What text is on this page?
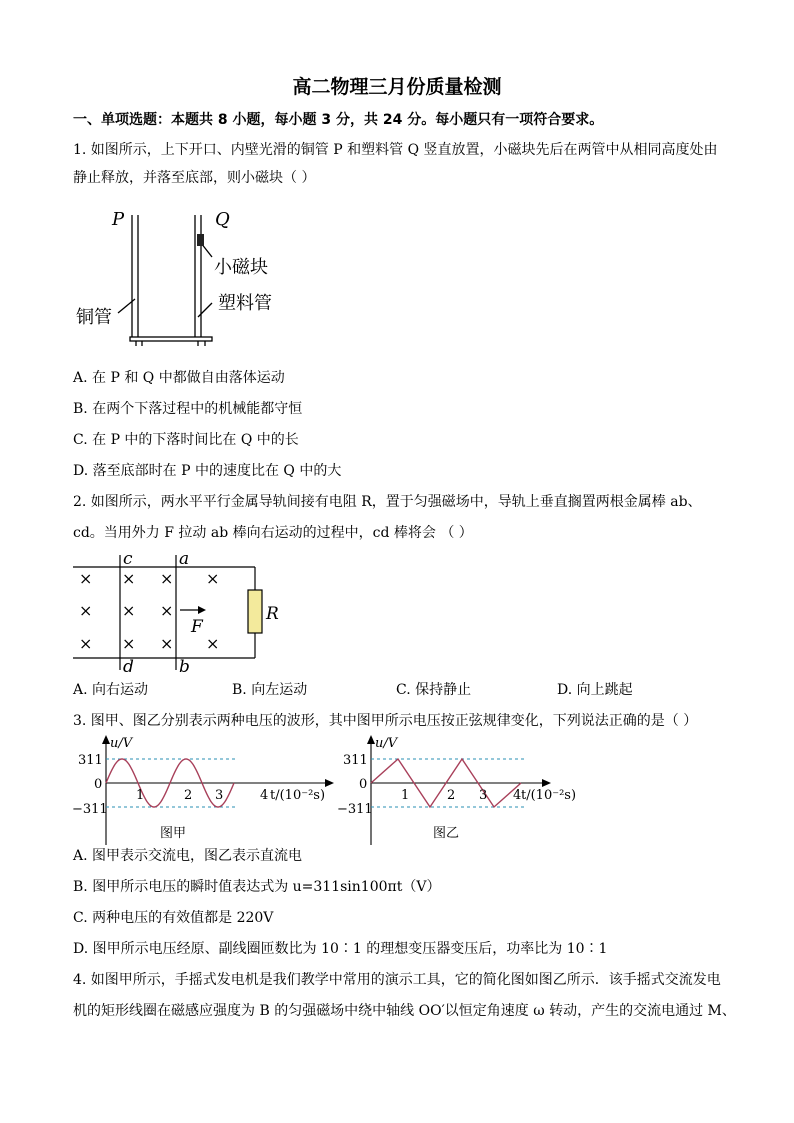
高二物理三月份质量检测
一、单项选题：本题共 8 小题，每小题 3 分，共 24 分。每小题只有一项符合要求。
1. 如图所示，上下开口、内壁光滑的铜管 P 和塑料管 Q 竖直放置，小磁块先后在两管中从相同高度处由
静止释放，并落至底部，则小磁块（ ）
P	Q
小磁块
铜管
塑料管
A. 在 P 和 Q 中都做自由落体运动
B. 在两个下落过程中的机械能都守恒
C. 在 P 中的下落时间比在 Q 中的长
D. 落至底部时在 P 中的速度比在 Q 中的大
2. 如图所示，两水平平行金属导轨间接有电阻 R，置于匀强磁场中，导轨上垂直搁置两根金属棒 ab、
cd。当用外力 F 拉动 ab 棒向右运动的过程中，cd 棒将会 （ ）
c	a
d	b
F
R
× × × ×
× × ×
× × × ×
A. 向右运动	B. 向左运动	C. 保持静止	D. 向上跳起
3. 图甲、图乙分别表示两种电压的波形，其中图甲所示电压按正弦规律变化，下列说法正确的是（ ）
u/V
311
0
−311
1	2 3	4 t/(10⁻²s)
图甲
u/V
311
0
−311
1	2 3 4 t/(10⁻²s)
图乙
A. 图甲表示交流电，图乙表示直流电
B. 图甲所示电压的瞬时值表达式为 u=311sin100πt（V）
C. 两种电压的有效值都是 220V
D. 图甲所示电压经原、副线圈匝数比为 10∶1 的理想变压器变压后，功率比为 10∶1
4. 如图甲所示，手摇式发电机是我们教学中常用的演示工具，它的简化图如图乙所示．该手摇式交流发电
机的矩形线圈在磁感应强度为 B 的匀强磁场中绕中轴线 OO′以恒定角速度 ω 转动，产生的交流电通过 M、
